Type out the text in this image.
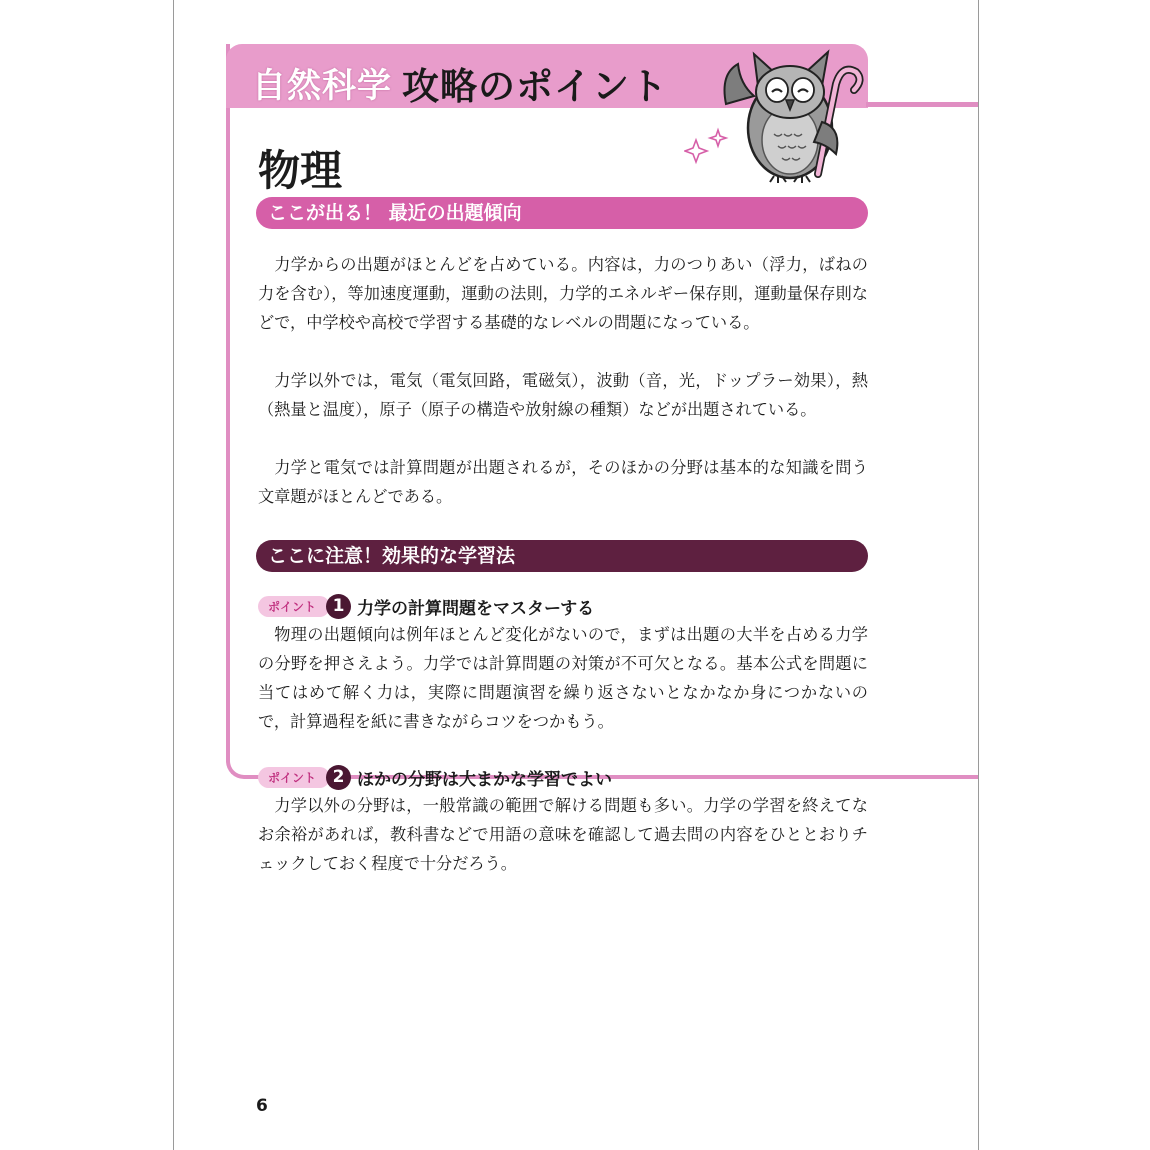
自然科学 攻略のポイント
物理
ここが出る！ 最近の出題傾向

力学からの出題がほとんどを占めている。内容は，力のつりあい（浮力，ばねの力を含む），等加速度運動，運動の法則，力学的エネルギー保存則，運動量保存則などで，中学校や高校で学習する基礎的なレベルの問題になっている。

力学以外では，電気（電気回路，電磁気），波動（音，光，ドップラー効果），熱（熱量と温度），原子（原子の構造や放射線の種類）などが出題されている。

力学と電気では計算問題が出題されるが，そのほかの分野は基本的な知識を問う文章題がほとんどである。

ここに注意！効果的な学習法
ポイント 1 力学の計算問題をマスターする

物理の出題傾向は例年ほとんど変化がないので，まずは出題の大半を占める力学の分野を押さえよう。力学では計算問題の対策が不可欠となる。基本公式を問題に当てはめて解く力は，実際に問題演習を繰り返さないとなかなか身につかないので，計算過程を紙に書きながらコツをつかもう。

ポイント 2 ほかの分野は大まかな学習でよい

力学以外の分野は，一般常識の範囲で解ける問題も多い。力学の学習を終えてなお余裕があれば，教科書などで用語の意味を確認して過去問の内容をひととおりチェックしておく程度で十分だろう。

6
